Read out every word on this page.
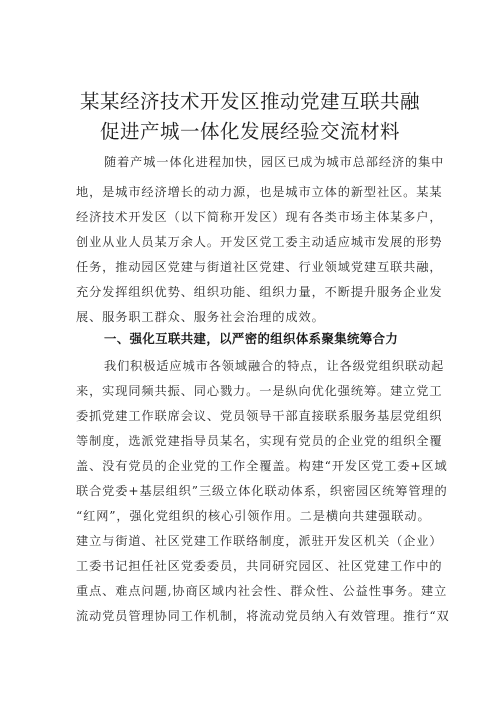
某某经济技术开发区推动党建互联共融
促进产城一体化发展经验交流材料
随着产城一体化进程加快，园区已成为城市总部经济的集中
地，是城市经济增长的动力源，也是城市立体的新型社区。某某
经济技术开发区（以下简称开发区）现有各类市场主体某多户，
创业从业人员某万余人。开发区党工委主动适应城市发展的形势
任务，推动园区党建与街道社区党建、行业领域党建互联共融，
充分发挥组织优势、组织功能、组织力量，不断提升服务企业发
展、服务职工群众、服务社会治理的成效。
一、强化互联共建，以严密的组织体系聚集统筹合力
我们积极适应城市各领域融合的特点，让各级党组织联动起
来，实现同频共振、同心戮力。一是纵向优化强统筹。建立党工
委抓党建工作联席会议、党员领导干部直接联系服务基层党组织
等制度，选派党建指导员某名，实现有党员的企业党的组织全覆
盖、没有党员的企业党的工作全覆盖。构建“开发区党工委+区域
联合党委+基层组织”三级立体化联动体系，织密园区统筹管理的
“红网”，强化党组织的核心引领作用。二是横向共建强联动。
建立与街道、社区党建工作联络制度，派驻开发区机关（企业）
工委书记担任社区党委委员，共同研究园区、社区党建工作中的
重点、难点问题,协商区域内社会性、群众性、公益性事务。建立
流动党员管理协同工作机制，将流动党员纳入有效管理。推行“双
